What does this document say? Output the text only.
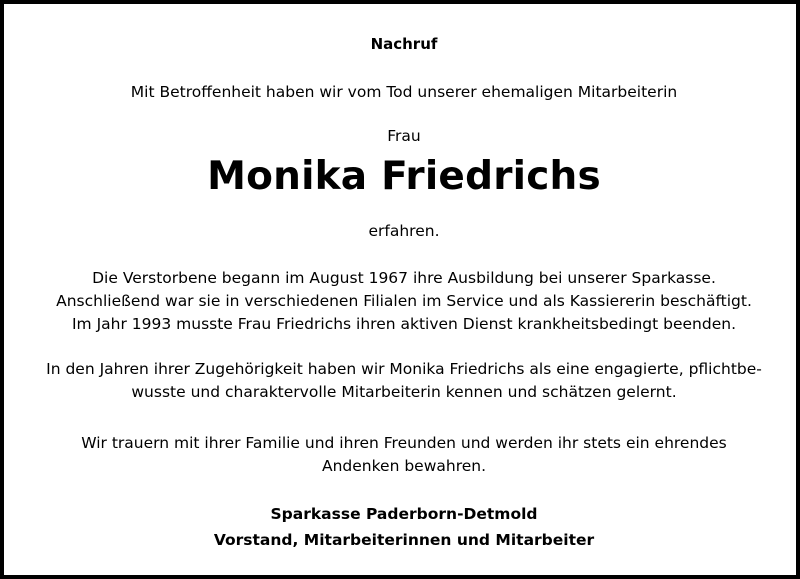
Nachruf
Mit Betroffenheit haben wir vom Tod unserer ehemaligen Mitarbeiterin
Frau
Monika Friedrichs
erfahren.

Die Verstorbene begann im August 1967 ihre Ausbildung bei unserer Sparkasse.
Anschließend war sie in verschiedenen Filialen im Service und als Kassiererin beschäftigt.
Im Jahr 1993 musste Frau Friedrichs ihren aktiven Dienst krankheitsbedingt beenden.

In den Jahren ihrer Zugehörigkeit haben wir Monika Friedrichs als eine engagierte, pflichtbe-
wusste und charaktervolle Mitarbeiterin kennen und schätzen gelernt.

Wir trauern mit ihrer Familie und ihren Freunden und werden ihr stets ein ehrendes
Andenken bewahren.

Sparkasse Paderborn-Detmold
Vorstand, Mitarbeiterinnen und Mitarbeiter
